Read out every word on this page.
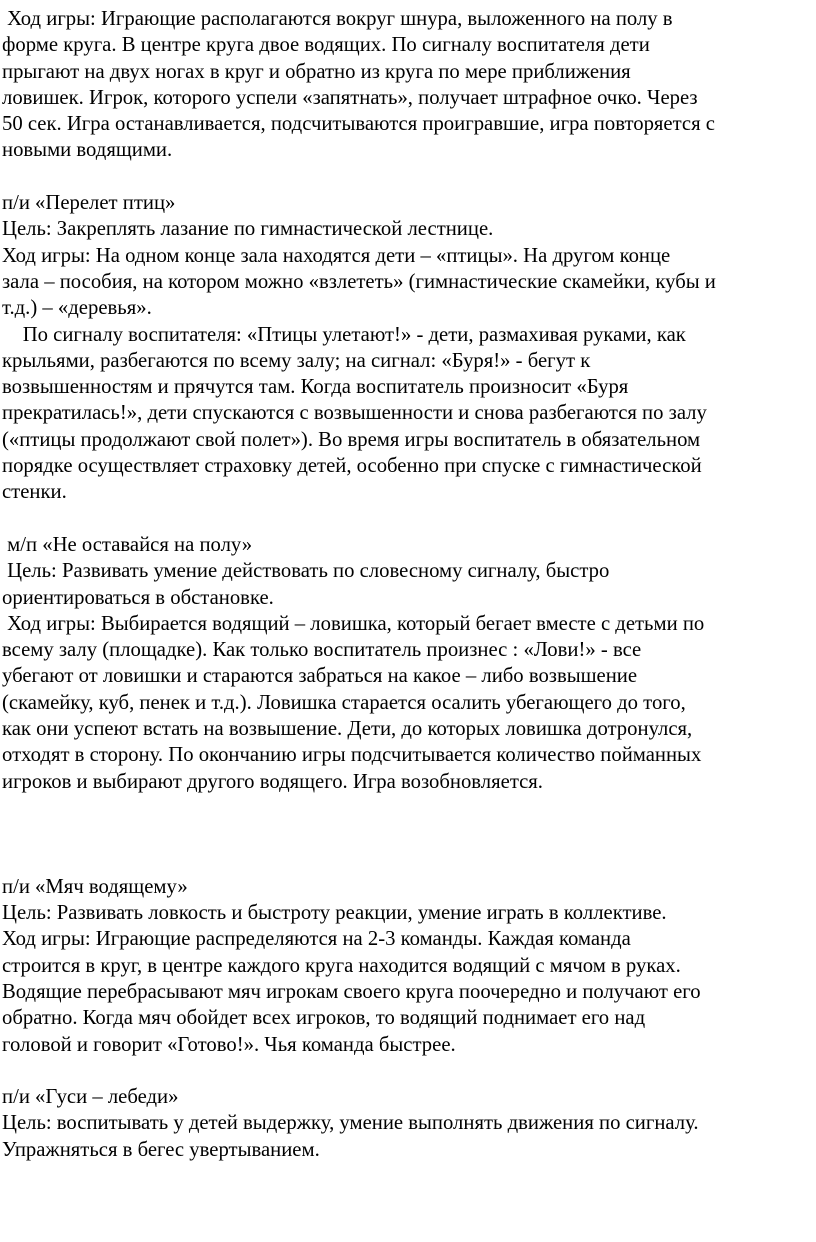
Ход игры: Играющие располагаются вокруг шнура, выложенного на полу в
форме круга. В центре круга двое водящих. По сигналу воспитателя дети
прыгают на двух ногах в круг и обратно из круга по мере приближения
ловишек. Игрок, которого успели «запятнать», получает штрафное очко. Через
50 сек. Игра останавливается, подсчитываются проигравшие, игра повторяется с
новыми водящими.
п/и «Перелет птиц»
Цель: Закреплять лазание по гимнастической лестнице.
Ход игры: На одном конце зала находятся дети – «птицы». На другом конце
зала – пособия, на котором можно «взлететь» (гимнастические скамейки, кубы и
т.д.) – «деревья».
По сигналу воспитателя: «Птицы улетают!» - дети, размахивая руками, как
крыльями, разбегаются по всему залу; на сигнал: «Буря!» - бегут к
возвышенностям и прячутся там. Когда воспитатель произносит «Буря
прекратилась!», дети спускаются с возвышенности и снова разбегаются по залу
(«птицы продолжают свой полет»). Во время игры воспитатель в обязательном
порядке осуществляет страховку детей, особенно при спуске с гимнастической
стенки.
м/п «Не оставайся на полу»
Цель: Развивать умение действовать по словесному сигналу, быстро
ориентироваться в обстановке.
Ход игры: Выбирается водящий – ловишка, который бегает вместе с детьми по
всему залу (площадке). Как только воспитатель произнес : «Лови!» - все
убегают от ловишки и стараются забраться на какое – либо возвышение
(скамейку, куб, пенек и т.д.). Ловишка старается осалить убегающего до того,
как они успеют встать на возвышение. Дети, до которых ловишка дотронулся,
отходят в сторону. По окончанию игры подсчитывается количество пойманных
игроков и выбирают другого водящего. Игра возобновляется.
п/и «Мяч водящему»
Цель: Развивать ловкость и быстроту реакции, умение играть в коллективе.
Ход игры: Играющие распределяются на 2-3 команды. Каждая команда
строится в круг, в центре каждого круга находится водящий с мячом в руках.
Водящие перебрасывают мяч игрокам своего круга поочередно и получают его
обратно. Когда мяч обойдет всех игроков, то водящий поднимает его над
головой и говорит «Готово!». Чья команда быстрее.
п/и «Гуси – лебеди»
Цель: воспитывать у детей выдержку, умение выполнять движения по сигналу.
Упражняться в бегес увертыванием.
